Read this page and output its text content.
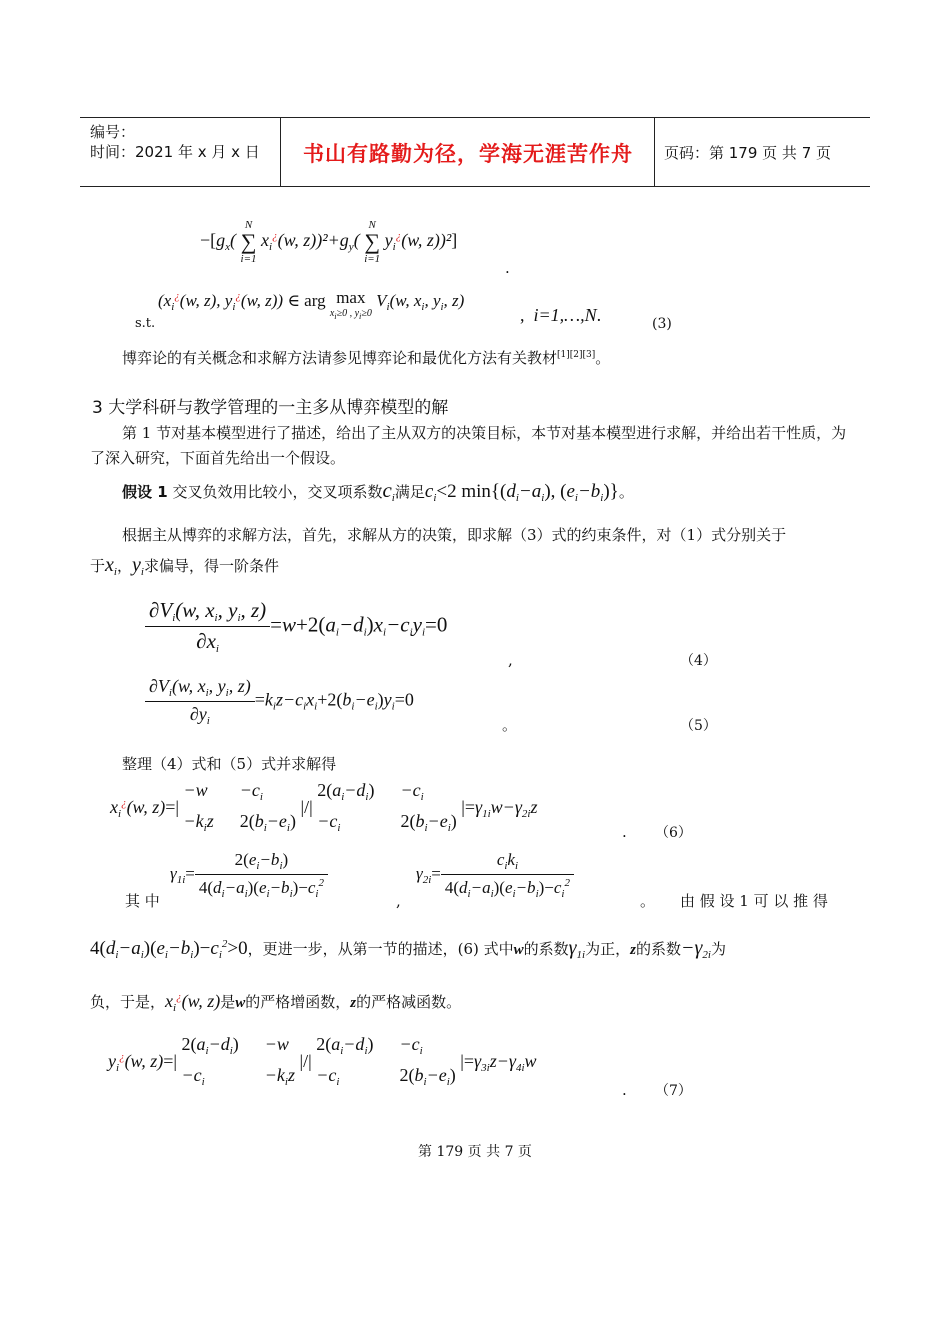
编号：
时间：2021 年 x 月 x 日	书山有路勤为径，学海无涯苦作舟	页码：第 179 页 共 7 页
$-[g_x$(
N
∑
i=1
$x_i^¿(w$, $z))^2+g_y$(
N
∑
i=1
$y_i^¿(w$, z))²]
.
s.t.
($x_i^¿(w$, z), $y_i^¿(w$, z)) ∈ arg max
$x_i\ge 0$ , $y_i\ge 0$
$V_i(w$, $x_i$, $y_i$, z)
,  i=1,…,N.	(3)
博弈论的有关概念和求解方法请参见博弈论和最优化方法有关教材[1][2][3]。
3 大学科研与教学管理的一主多从博弈模型的解
第 1 节对基本模型进行了描述，给出了主从双方的决策目标，本节对基本模型进行求解，并给出若干性质，为了深入研究，下面首先给出一个假设。
假设 1 交叉负效用比较小，交叉项系数$c_i$满足$c_i<2$ $\min\{(d_i-a_i)$, $(e_i-b_i)$}。
根据主从博弈的求解方法，首先，求解从方的决策，即求解（3）式的约束条件，对（1）式分别关于
于$x_i$，$y_i$求偏导，得一阶条件
$\frac{\partial V_i(w, x_i, y_i, z)}{\partial x_i} =w+2(a_i-d_i)x_i-c_iy_i=0$
,	（4）
$\frac{\partial V_i(w, x_i, y_i, z)}{\partial y_i} =k_iz-c_ix_i+2(b_i-e_i)y_i=0$
。	（5）
整理（4）式和（5）式并求解得
$x_i^¿(w$, z)=|
−w	$-c_i$
$-k_iz$ $2(b_i-e_i)$
|/|
$2(a_i-d_i) -c_i$
$-c_i$	$2(b_i-e_i)$
$|=\gamma_{1i}w-\gamma_{2i}z$
. （6）
$\gamma_{1i}= \frac{2(e_i-b_i)}{4(d_i-a_i)(e_i-b_i)-c_i^2}$	$\gamma_{2i}= \frac{c_ik_i}{4(d_i-a_i)(e_i-b_i)-c_i^2}$
其 中	,	。 由 假 设 1 可 以 推 得
$4(d_i-a_i)(e_i-b_i)-c_i^2>0$，更进一步，从第一节的描述，(6) 式中w的系数$\gamma_{1i}$为正，z的系数$-\gamma_{2i}$为
负，于是，$x_i^¿(w$, z)是w的严格增函数，z的严格减函数。
$y_i^¿(w$, z)=|
$2(a_i-d_i) -w$
$-c_i$	$-k_iz$
|/|
$2(a_i-d_i) -c_i$
$-c_i$	$2(b_i-e_i)$
$|=\gamma_{3i}z-\gamma_{4i}w$
. （7）
第 179 页 共 7 页
